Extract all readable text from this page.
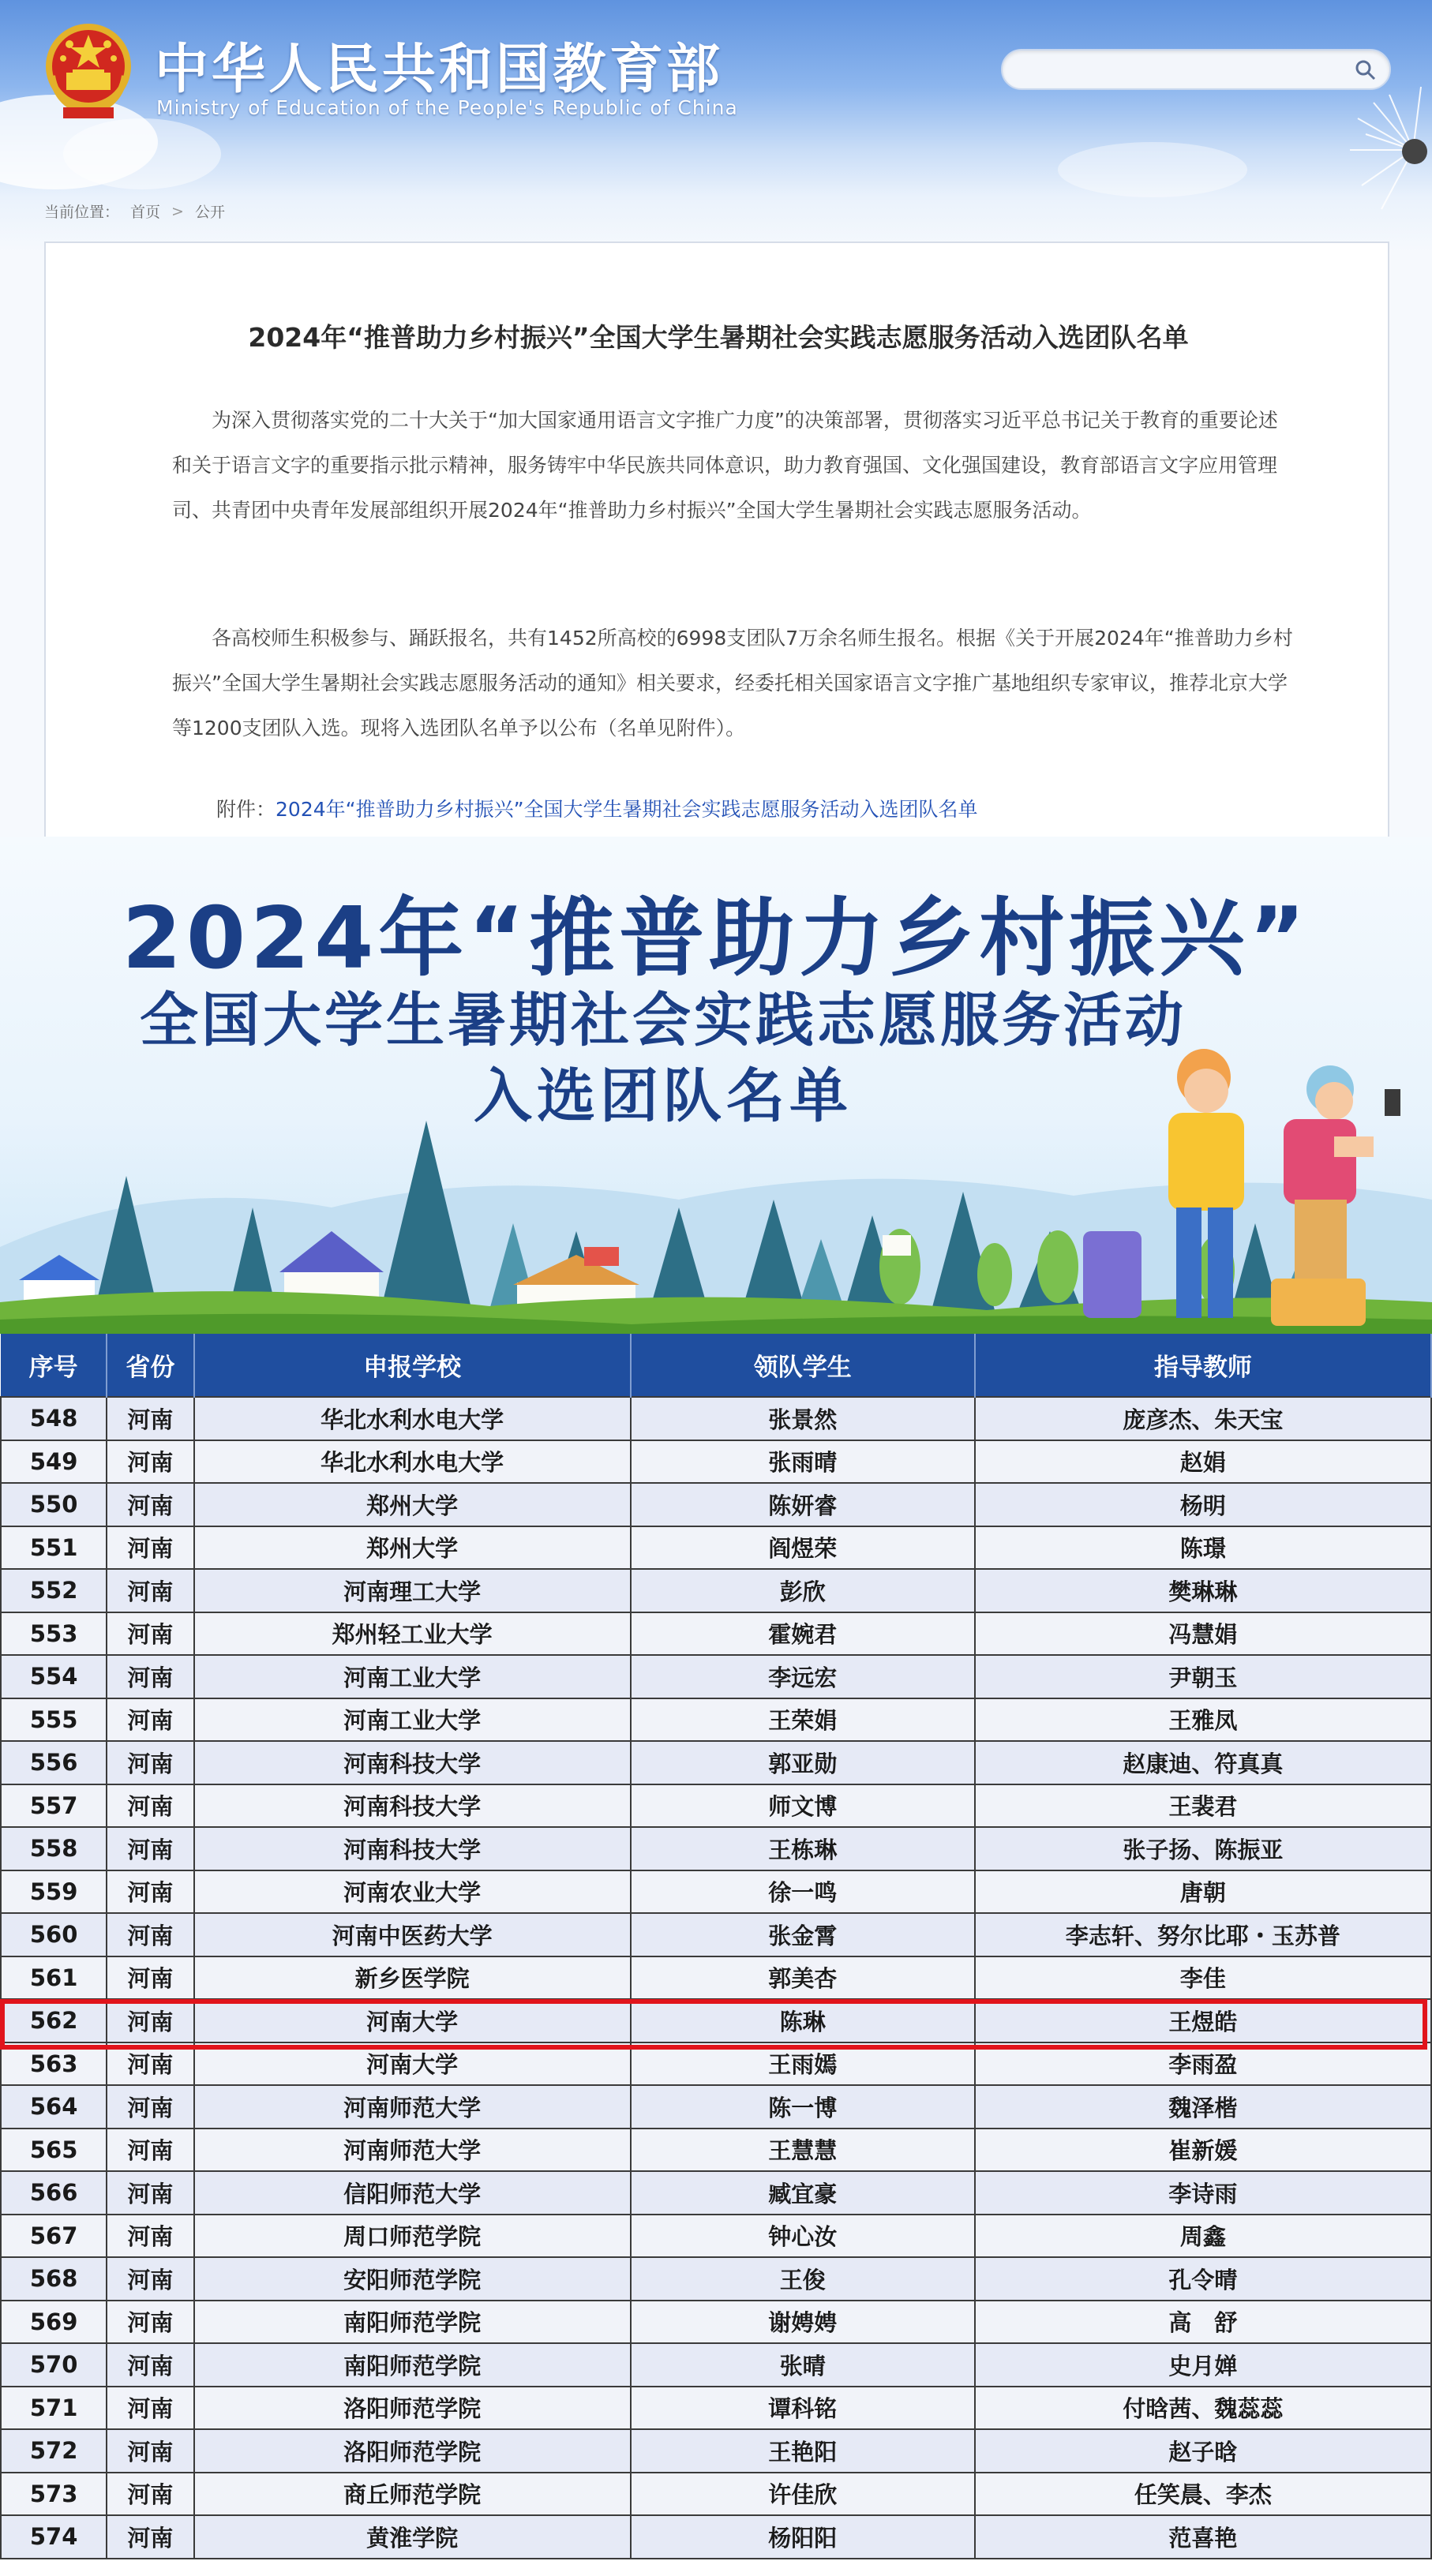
中华人民共和国教育部
Ministry of Education of the People's Republic of China
当前位置： 首页 > 公开
2024年“推普助力乡村振兴”全国大学生暑期社会实践志愿服务活动入选团队名单

为深入贯彻落实党的二十大关于“加大国家通用语言文字推广力度”的决策部署，贯彻落实习近平总书记关于教育的重要论述和关于语言文字的重要指示批示精神，服务铸牢中华民族共同体意识，助力教育强国、文化强国建设，教育部语言文字应用管理司、共青团中央青年发展部组织开展2024年“推普助力乡村振兴”全国大学生暑期社会实践志愿服务活动。

各高校师生积极参与、踊跃报名，共有1452所高校的6998支团队7万余名师生报名。根据《关于开展2024年“推普助力乡村振兴”全国大学生暑期社会实践志愿服务活动的通知》相关要求，经委托相关国家语言文字推广基地组织专家审议，推荐北京大学等1200支团队入选。现将入选团队名单予以公布（名单见附件）。

附件：2024年“推普助力乡村振兴”全国大学生暑期社会实践志愿服务活动入选团队名单
2024年“推普助力乡村振兴”
全国大学生暑期社会实践志愿服务活动
入选团队名单
序号	省份	申报学校	领队学生	指导教师
548	河南	华北水利水电大学	张景然	庞彦杰、朱天宝
549	河南	华北水利水电大学	张雨晴	赵娟
550	河南	郑州大学	陈妍睿	杨明
551	河南	郑州大学	阎煜荣	陈璟
552	河南	河南理工大学	彭欣	樊琳琳
553	河南	郑州轻工业大学	霍婉君	冯慧娟
554	河南	河南工业大学	李远宏	尹朝玉
555	河南	河南工业大学	王荣娟	王雅凤
556	河南	河南科技大学	郭亚勋	赵康迪、符真真
557	河南	河南科技大学	师文博	王裴君
558	河南	河南科技大学	王栋琳	张子扬、陈振亚
559	河南	河南农业大学	徐一鸣	唐朝
560	河南	河南中医药大学	张金霄	李志轩、努尔比耶・玉苏普
561	河南	新乡医学院	郭美杏	李佳
562	河南	河南大学	陈琳	王煜皓
563	河南	河南大学	王雨嫣	李雨盈
564	河南	河南师范大学	陈一博	魏泽楷
565	河南	河南师范大学	王慧慧	崔新媛
566	河南	信阳师范大学	臧宜豪	李诗雨
567	河南	周口师范学院	钟心汝	周鑫
568	河南	安阳师范学院	王俊	孔令晴
569	河南	南阳师范学院	谢娉娉	高　舒
570	河南	南阳师范学院	张晴	史月婵
571	河南	洛阳师范学院	谭科铭	付晗茜、魏蕊蕊
572	河南	洛阳师范学院	王艳阳	赵子晗
573	河南	商丘师范学院	许佳欣	任笑晨、李杰
574	河南	黄淮学院	杨阳阳	范喜艳
